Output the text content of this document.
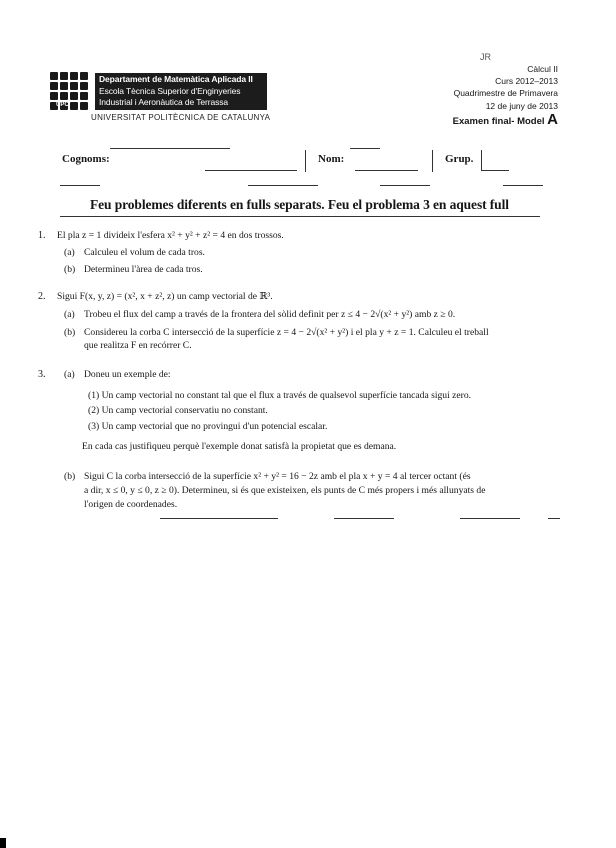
UPC
Departament de Matemàtica Aplicada II
Escola Tècnica Superior d'Enginyeries
Industrial i Aeronàutica de Terrassa
UNIVERSITAT POLITÈCNICA DE CATALUNYA
JR
Càlcul II
Curs 2012–2013
Quadrimestre de Primavera
12 de juny de 2013
Examen final- Model A
Cognoms:	Nom:	Grup.
Feu problemes diferents en fulls separats. Feu el problema 3 en aquest full
1. El pla z = 1 divideix l'esfera x² + y² + z² = 4 en dos trossos.
(a) Calculeu el volum de cada tros.
(b) Determineu l'àrea de cada tros.
2. Sigui F(x, y, z) = (x², x + z², z) un camp vectorial de ℝ³.
(a) Trobeu el flux del camp a través de la frontera del sòlid definit per z ≤ 4 − 2√(x² + y²) amb z ≥ 0.
(b) Considereu la corba C intersecció de la superfície z = 4 − 2√(x² + y²) i el pla y + z = 1. Calculeu el treball
que realitza F en recórrer C.
3. (a) Doneu un exemple de:
(1) Un camp vectorial no constant tal que el flux a través de qualsevol superfície tancada sigui zero.
(2) Un camp vectorial conservatiu no constant.
(3) Un camp vectorial que no provingui d'un potencial escalar.
En cada cas justifiqueu perquè l'exemple donat satisfà la propietat que es demana.
(b) Sigui C la corba intersecció de la superfície x² + y² = 16 − 2z amb el pla x + y = 4 al tercer octant (és
a dir, x ≤ 0, y ≤ 0, z ≥ 0). Determineu, si és que existeixen, els punts de C més propers i més allunyats de
l'origen de coordenades.
